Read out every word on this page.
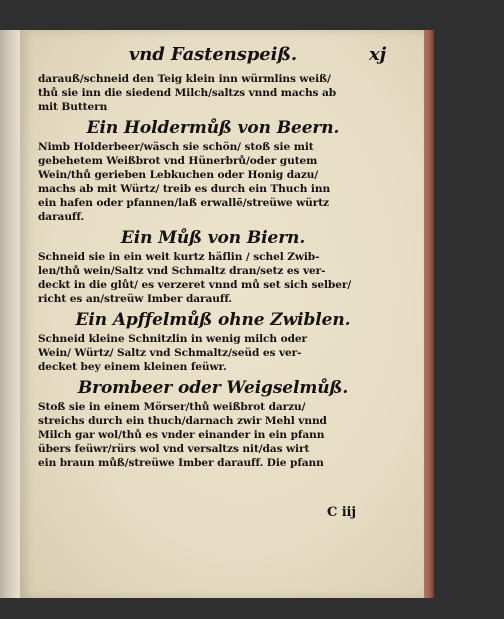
vnd Fastenspeiß.	xj
darauß/schneid den Teig klein inn würmlins weiß/
thů sie inn die siedend Milch/saltzs vnnd machs ab
mit Buttern
Ein Holdermůß von Beern.
Nimb Holderbeer/wäsch sie schön/ stoß sie mit
gebehetem Weißbrot vnd Hünerbrů/oder gutem
Wein/thů gerieben Lebkuchen oder Honig dazu/
machs ab mit Würtz/ treib es durch ein Thuch inn
ein hafen oder pfannen/laß erwallē/streüwe würtz
darauff.
Ein Můß von Biern.
Schneid sie in ein weit kurtz häflin / schel Zwib-
len/thů wein/Saltz vnd Schmaltz dran/setz es ver-
deckt in die glůt/ es verzeret vnnd mů set sich selber/
richt es an/streüw Imber darauff.
Ein Apffelmůß ohne Zwiblen.
Schneid kleine Schnitzlin in wenig milch oder
Wein/ Würtz/ Saltz vnd Schmaltz/seüd es ver-
decket bey einem kleinen feüwr.
Brombeer oder Weigselmůß.
Stoß sie in einem Mörser/thů weißbrot darzu/
streichs durch ein thuch/darnach zwir Mehl vnnd
Milch gar wol/thů es vnder einander in ein pfann
übers feüwr/rürs wol vnd versaltzs nit/das wirt
ein braun můß/streüwe Imber darauff. Die pfann
C iij
